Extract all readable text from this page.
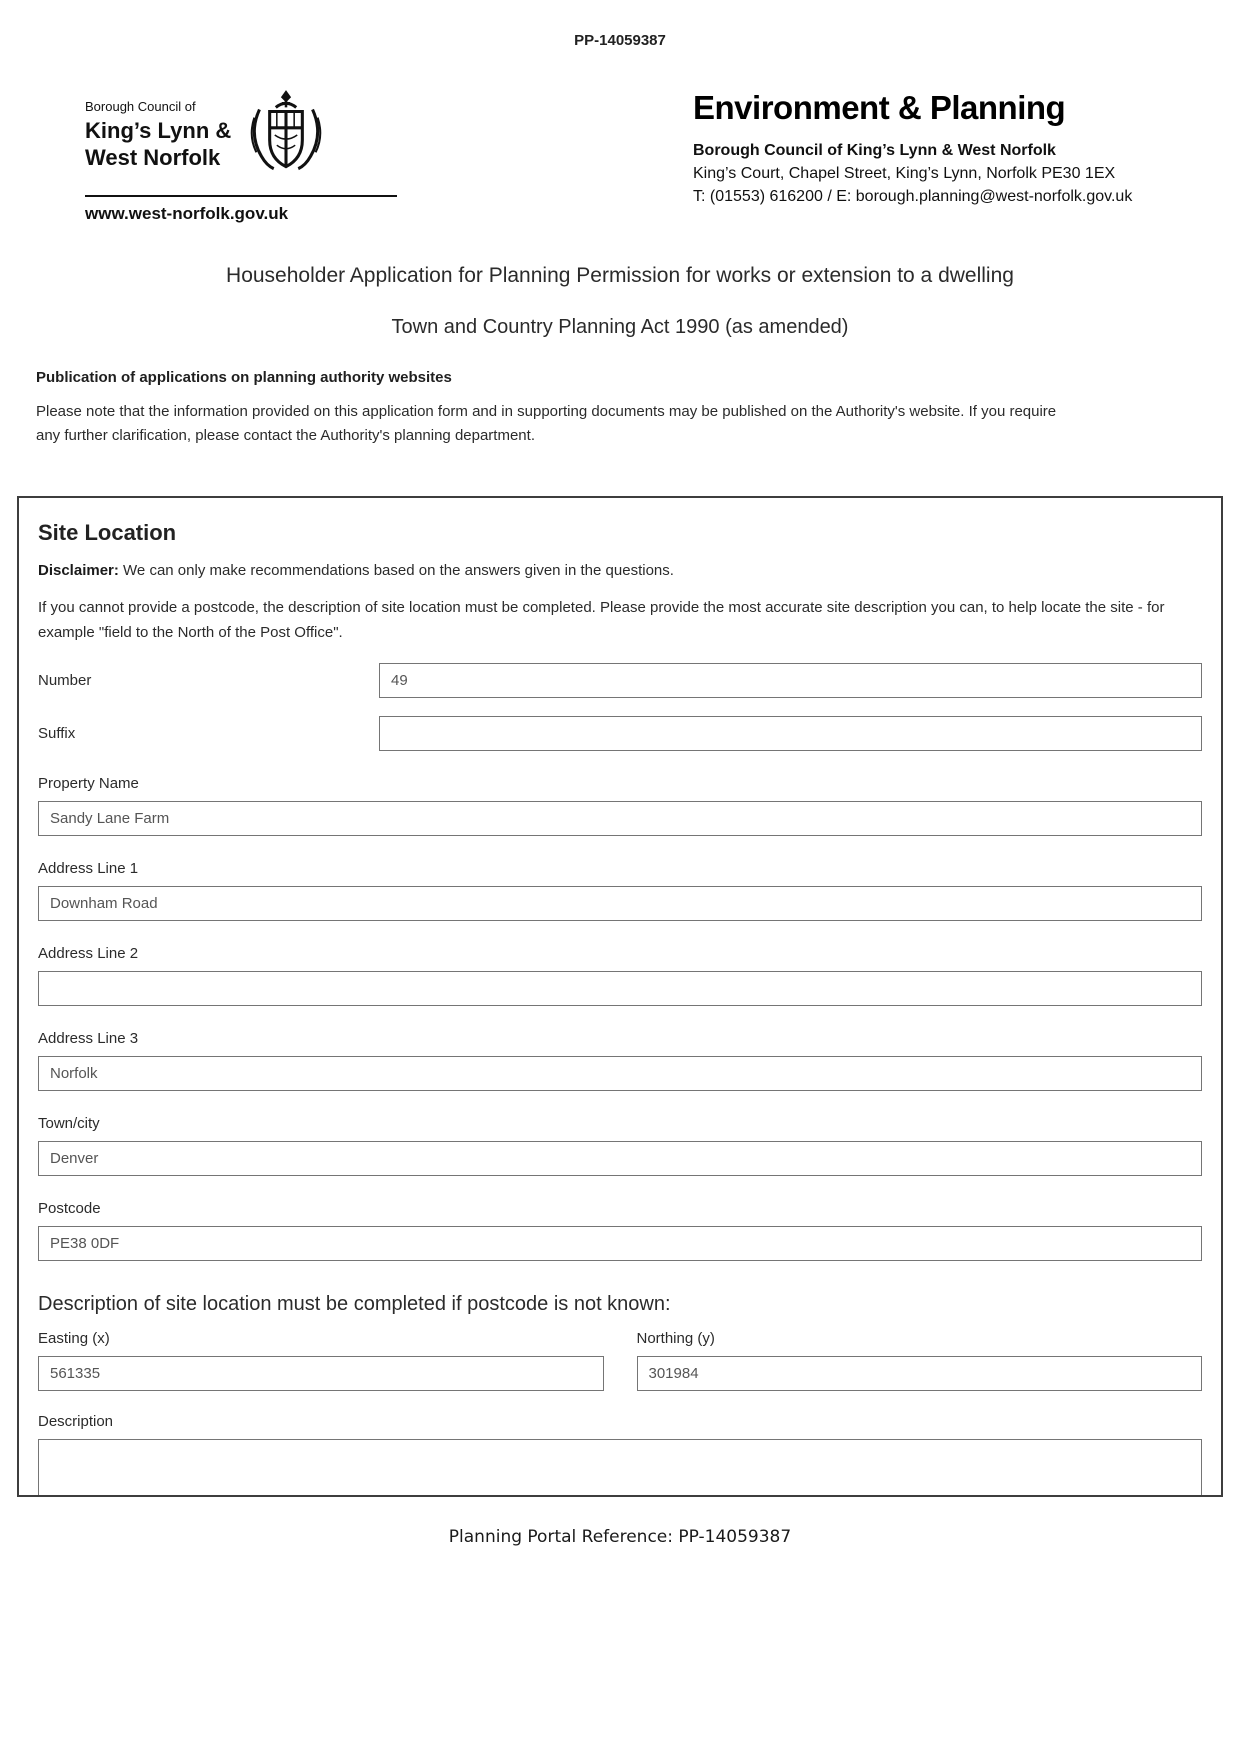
PP-14059387
Borough Council of
King’s Lynn &
West Norfolk
www.west-norfolk.gov.uk
Environment & Planning
Borough Council of King’s Lynn & West Norfolk
King’s Court, Chapel Street, King’s Lynn, Norfolk PE30 1EX
T: (01553) 616200 / E: borough.planning@west-norfolk.gov.uk
Householder Application for Planning Permission for works or extension to a dwelling
Town and Country Planning Act 1990 (as amended)
Publication of applications on planning authority websites

Please note that the information provided on this application form and in supporting documents may be published on the Authority's website. If you require any further clarification, please contact the Authority's planning department.

Site Location

Disclaimer: We can only make recommendations based on the answers given in the questions.

If you cannot provide a postcode, the description of site location must be completed. Please provide the most accurate site description you can, to help locate the site - for example "field to the North of the Post Office".

Number
49
Suffix
Property Name
Sandy Lane Farm
Address Line 1
Downham Road
Address Line 2
Address Line 3
Norfolk
Town/city
Denver
Postcode
PE38 0DF
Description of site location must be completed if postcode is not known:
Easting (x)
561335	Northing (y)
301984
Description
Planning Portal Reference: PP-14059387
